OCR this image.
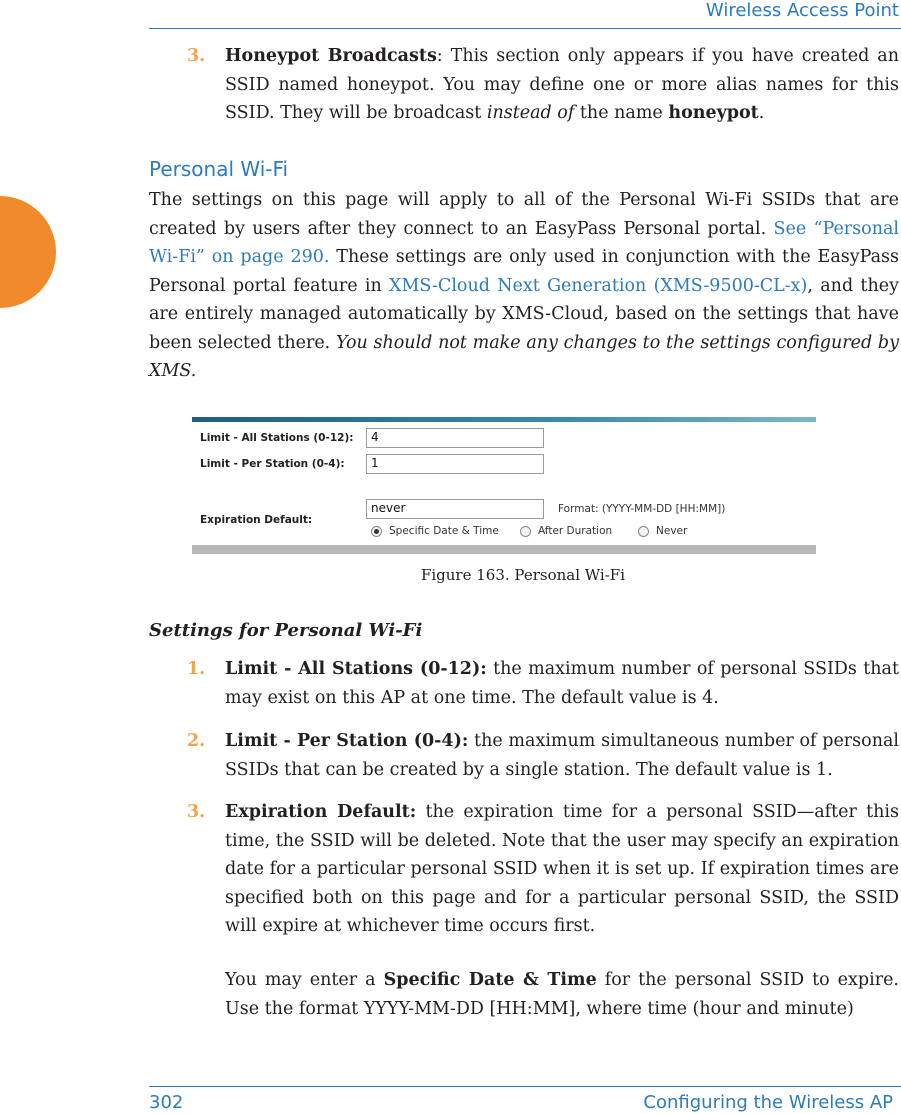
Wireless Access Point
3. Honeypot Broadcasts: This section only appears if you have created an SSID named honeypot. You may define one or more alias names for this SSID. They will be broadcast instead of the name honeypot.
Personal Wi-Fi
The settings on this page will apply to all of the Personal Wi-Fi SSIDs that are created by users after they connect to an EasyPass Personal portal. See “Personal Wi-Fi” on page 290. These settings are only used in conjunction with the EasyPass Personal portal feature in XMS-Cloud Next Generation (XMS-9500-CL-x), and they are entirely managed automatically by XMS-Cloud, based on the settings that have been selected there. You should not make any changes to the settings configured by XMS.
Limit - All Stations (0-12):	4
Limit - Per Station (0-4):	1
Expiration Default:
never	Format: (YYYY-MM-DD [HH:MM])
Specific Date & Time	After Duration	Never
Figure 163. Personal Wi-Fi
Settings for Personal Wi-Fi
1. Limit - All Stations (0-12): the maximum number of personal SSIDs that may exist on this AP at one time. The default value is 4.
2. Limit - Per Station (0-4): the maximum simultaneous number of personal SSIDs that can be created by a single station. The default value is 1.
3. Expiration Default: the expiration time for a personal SSID—after this time, the SSID will be deleted. Note that the user may specify an expiration date for a particular personal SSID when it is set up. If expiration times are specified both on this page and for a particular personal SSID, the SSID will expire at whichever time occurs first.
You may enter a Specific Date & Time for the personal SSID to expire. Use the format YYYY-MM-DD [HH:MM], where time (hour and minute)
302	Configuring the Wireless AP
